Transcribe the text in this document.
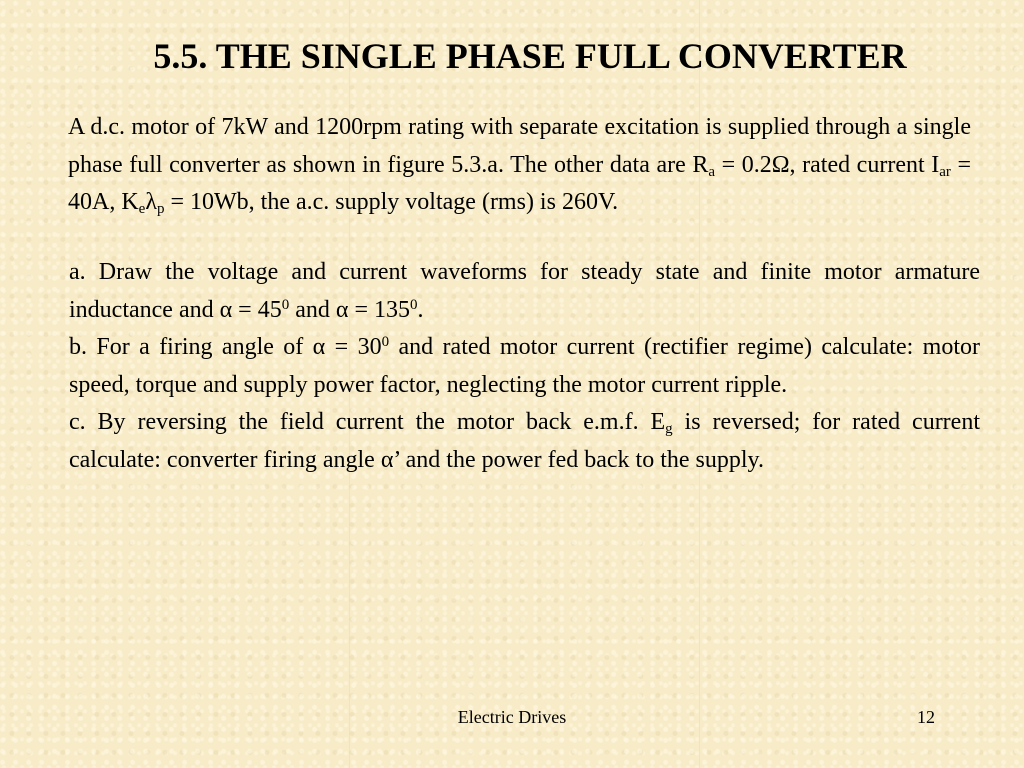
5.5. THE SINGLE PHASE FULL CONVERTER

A d.c. motor of 7kW and 1200rpm rating with separate excitation is supplied through a single phase full converter as shown in figure 5.3.a. The other data are $R_a = 0.2\Omega$, rated current $I_{ar} = 40A$, $K_e\lambda_p = 10Wb$, the a.c. supply voltage (rms) is 260V.

a. Draw the voltage and current waveforms for steady state and finite motor armature inductance and $\alpha = 45^0$ and $\alpha = 135^0$.

b. For a firing angle of $\alpha = 30^0$ and rated motor current (rectifier regime) calculate: motor speed, torque and supply power factor, neglecting the motor current ripple.

c. By reversing the field current the motor back e.m.f. $E_g$ is reversed; for rated current calculate: converter firing angle α’ and the power fed back to the supply.

Electric Drives	12
